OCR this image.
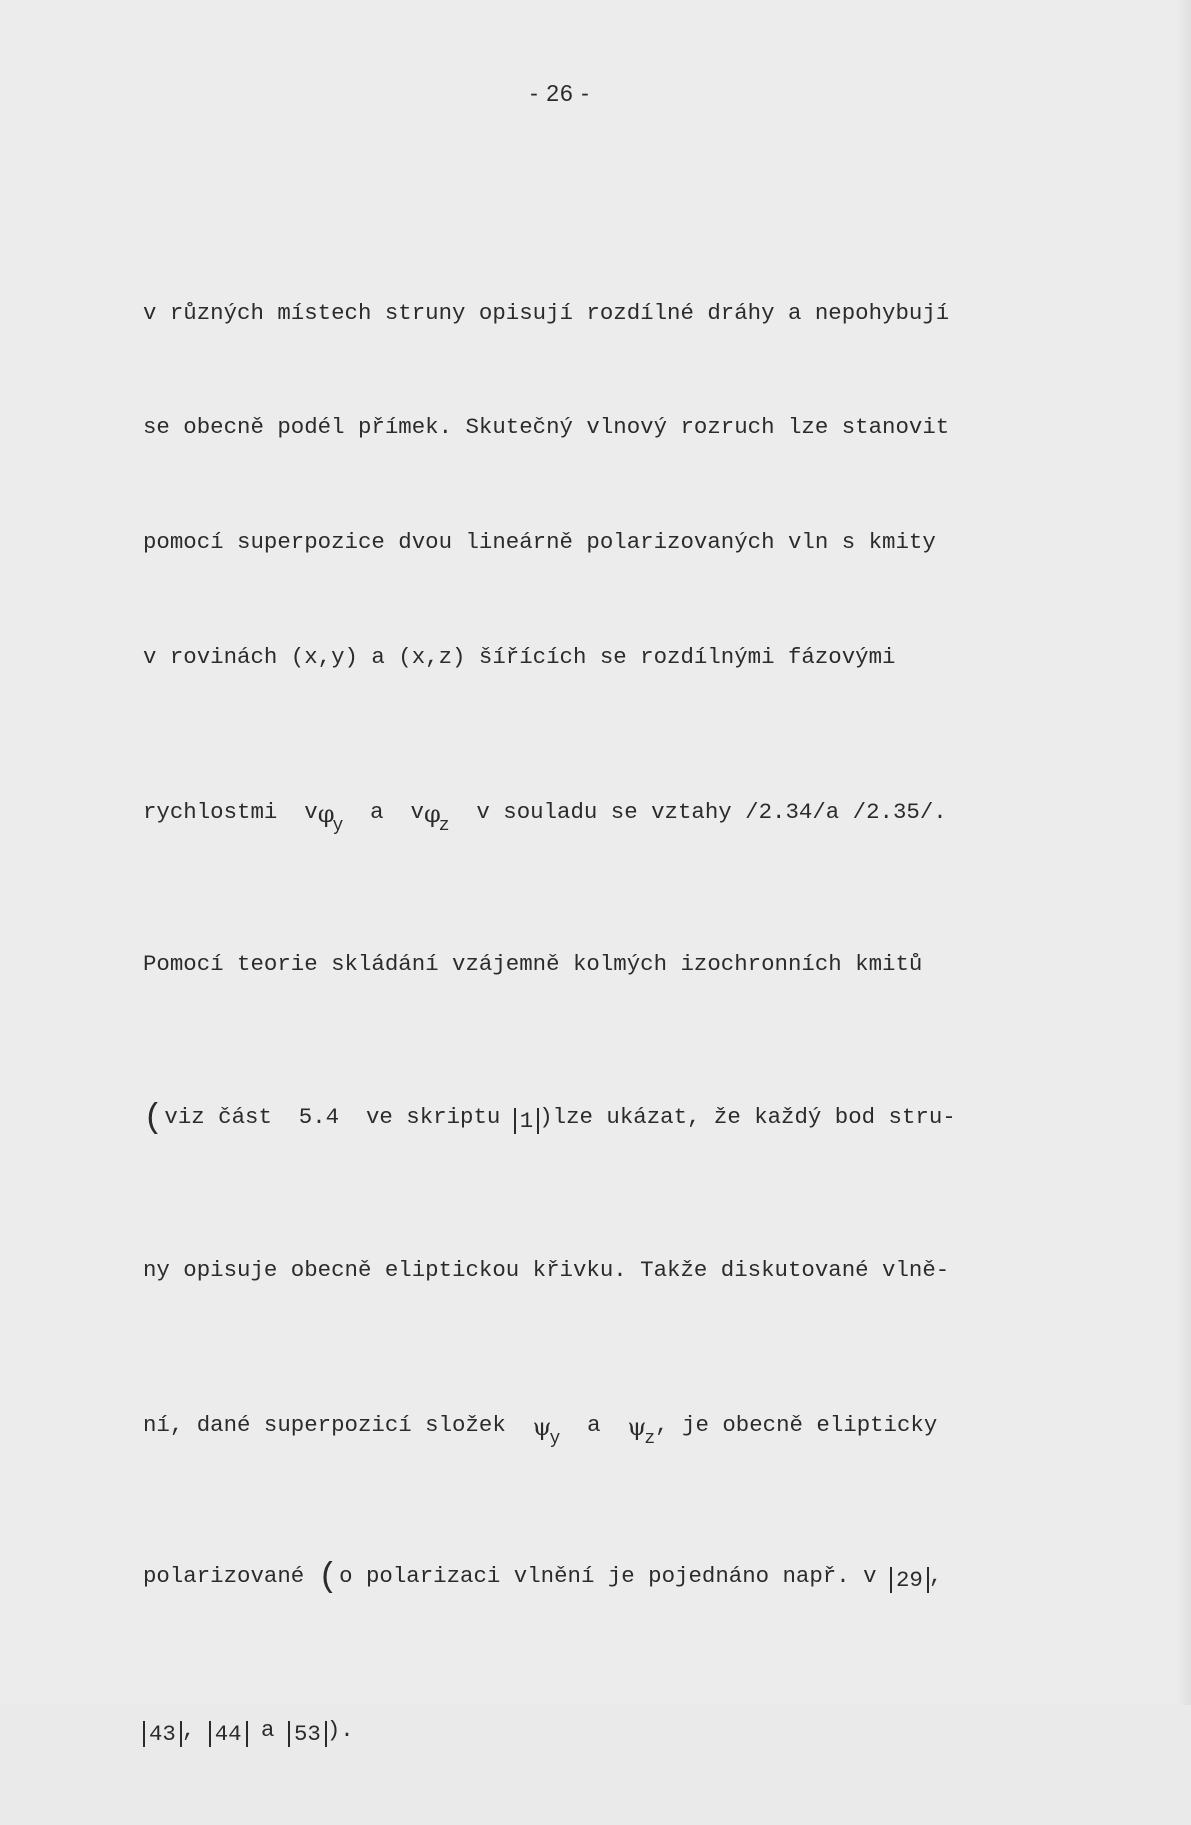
- 26 -

v různých místech struny opisují rozdílné dráhy a nepohybují

se obecně podél přímek. Skutečný vlnový rozruch lze stanovit

pomocí superpozice dvou lineárně polarizovaných vln s kmity

v rovinách (x,y) a (x,z) šířících se rozdílnými fázovými

rychlostmi  $v\varphi_y$  a  $v\varphi_z$  v souladu se vztahy /2.34/a /2.35/.

Pomocí teorie skládání vzájemně kolmých izochronních kmitů

(viz část  5.4  ve skriptu 1 )lze ukázat, že každý bod stru-

ny opisuje obecně eliptickou křivku. Takže diskutované vlně-

ní, dané superpozicí složek  $\psi_y$  a  $\psi_z$, je obecně elipticky

polarizované (o polarizaci vlnění je pojednáno např. v 29 ,

43 , 44 a 53 ).
